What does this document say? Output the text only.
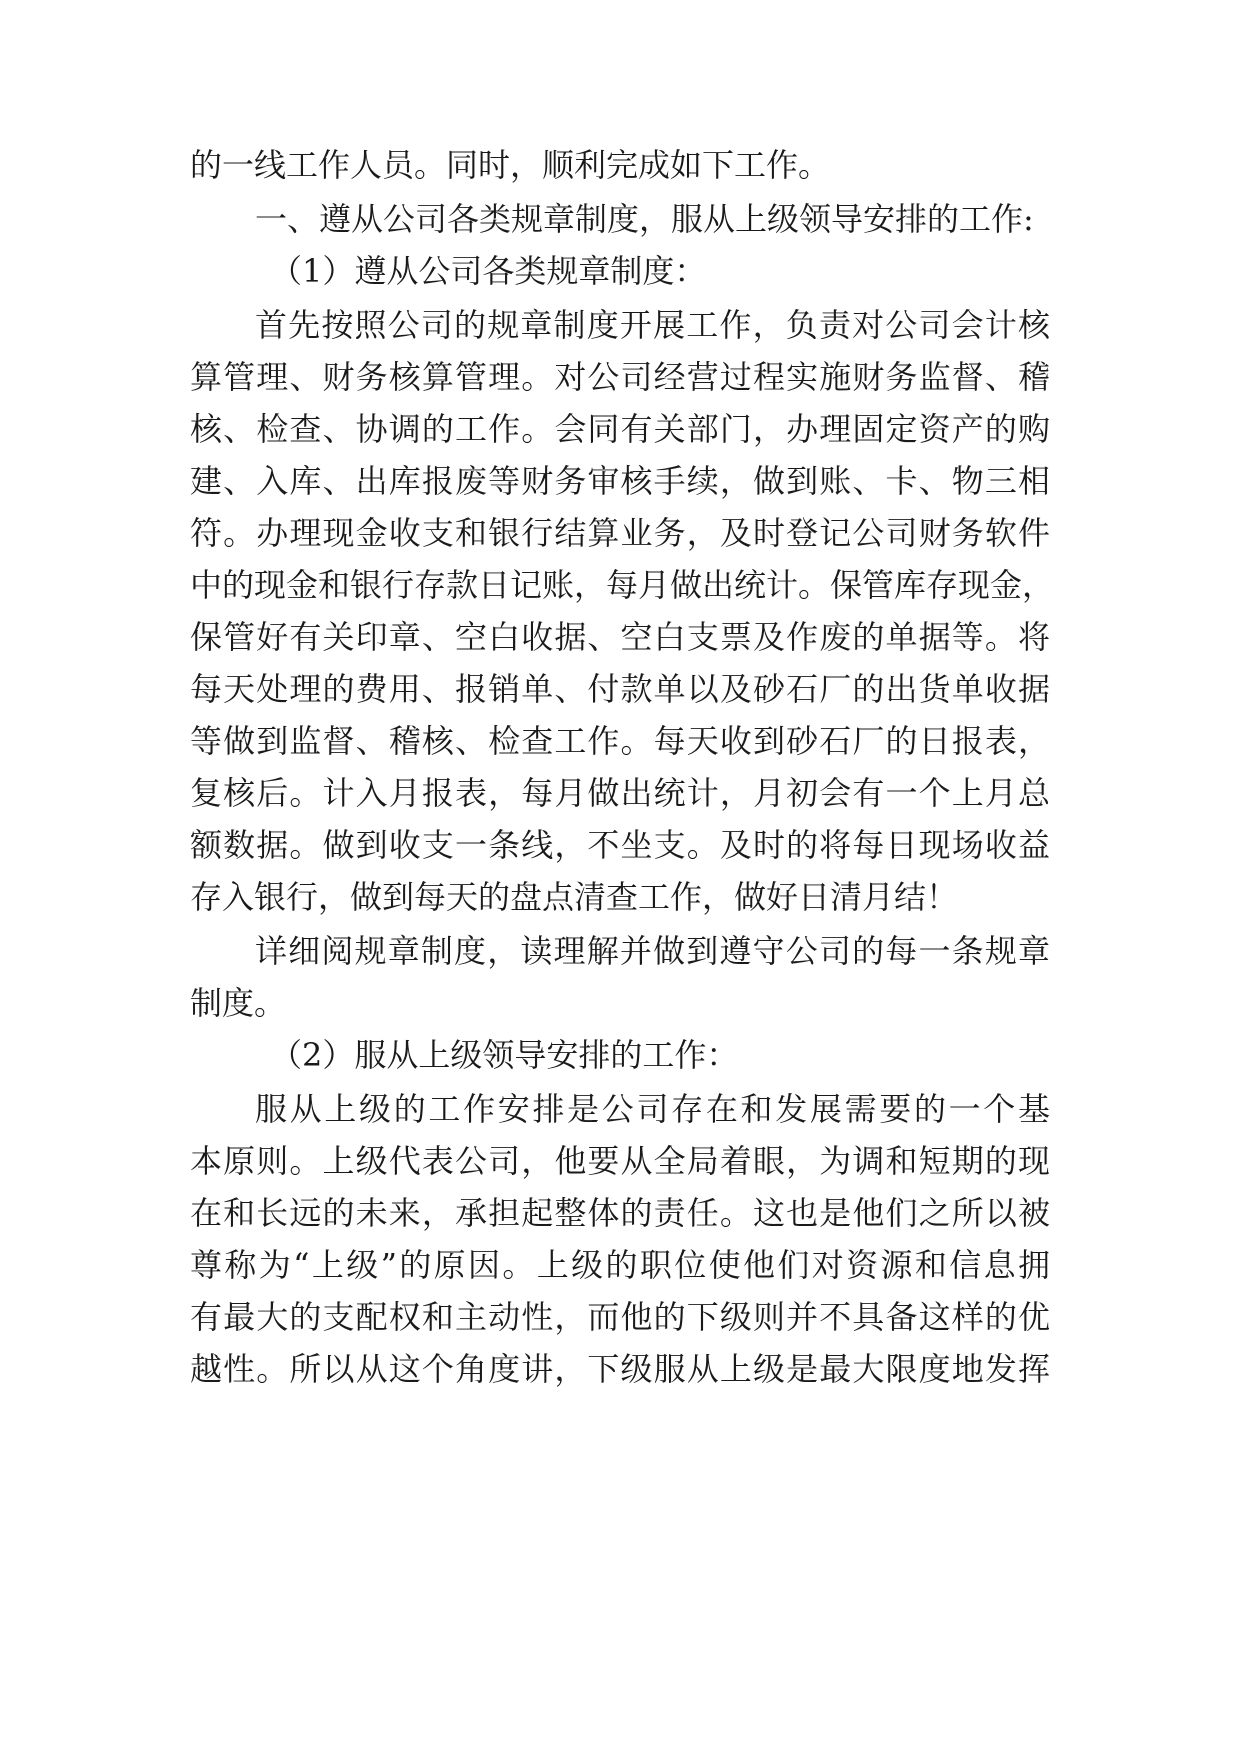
的一线工作人员。同时，顺利完成如下工作。
一、遵从公司各类规章制度，服从上级领导安排的工作:
（1）遵从公司各类规章制度：
首先按照公司的规章制度开展工作，负责对公司会计核
算管理、财务核算管理。对公司经营过程实施财务监督、稽
核、检查、协调的工作。会同有关部门，办理固定资产的购
建、入库、出库报废等财务审核手续，做到账、卡、物三相
符。办理现金收支和银行结算业务，及时登记公司财务软件
中的现金和银行存款日记账，每月做出统计。保管库存现金，
保管好有关印章、空白收据、空白支票及作废的单据等。将
每天处理的费用、报销单、付款单以及砂石厂的出货单收据
等做到监督、稽核、检查工作。每天收到砂石厂的日报表，
复核后。计入月报表，每月做出统计，月初会有一个上月总
额数据。做到收支一条线，不坐支。及时的将每日现场收益
存入银行，做到每天的盘点清查工作，做好日清月结！
详细阅规章制度，读理解并做到遵守公司的每一条规章
制度。
（2）服从上级领导安排的工作：
服从上级的工作安排是公司存在和发展需要的一个基
本原则。上级代表公司，他要从全局着眼，为调和短期的现
在和长远的未来，承担起整体的责任。这也是他们之所以被
尊称为“上级”的原因。上级的职位使他们对资源和信息拥
有最大的支配权和主动性，而他的下级则并不具备这样的优
越性。所以从这个角度讲，下级服从上级是最大限度地发挥
